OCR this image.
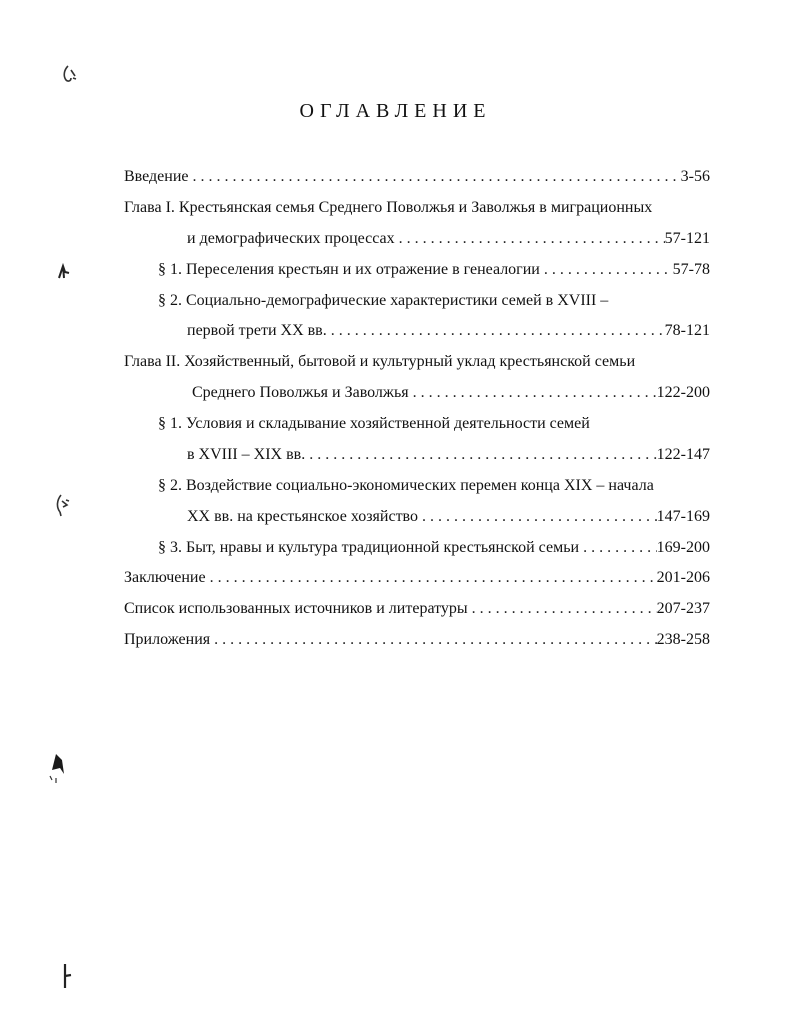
ОГЛАВЛЕНИЕ
Введение . . .	3-56
Глава I. Крестьянская семья Среднего Поволжья и Заволжья в миграционных
и демографических процессах . . .	57-121
§ 1. Переселения крестьян и их отражение в генеалогии . . .	57-78
§ 2. Социально-демографические характеристики семей в XVIII –
первой трети XX вв. . . .	78-121
Глава II. Хозяйственный, бытовой и культурный уклад крестьянской семьи
Среднего Поволжья и Заволжья . . .	122-200
§ 1. Условия и складывание хозяйственной деятельности семей
в XVIII – XIX вв. . . .	122-147
§ 2. Воздействие социально-экономических перемен конца XIX – начала
XX вв. на крестьянское хозяйство . . .	147-169
§ 3. Быт, нравы и культура традиционной крестьянской семьи . . .	169-200
Заключение . . .	201-206
Список использованных источников и литературы . . .	207-237
Приложения . . .	238-258
